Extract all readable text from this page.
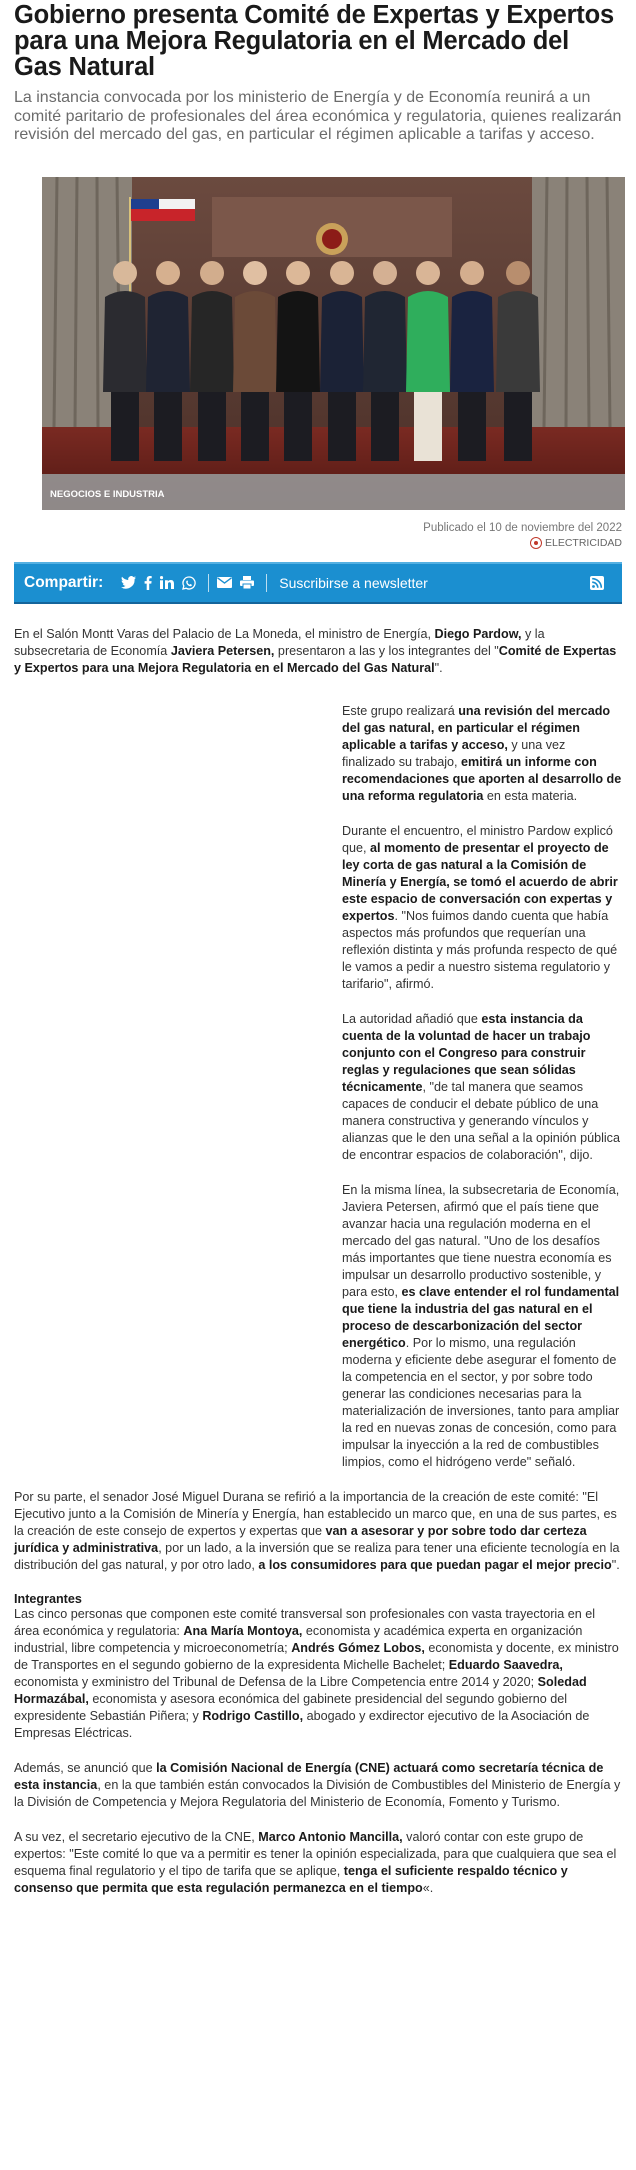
Gobierno presenta Comité de Expertas y Expertos para una Mejora Regulatoria en el Mercado del Gas Natural

La instancia convocada por los ministerio de Energía y de Economía reunirá a un comité paritario de profesionales del área económica y regulatoria, quienes realizarán revisión del mercado del gas, en particular el régimen aplicable a tarifas y acceso.

NEGOCIOS E INDUSTRIA
Publicado el 10 de noviembre del 2022
ELECTRICIDAD
Compartir:	Suscribirse a newsletter

En el Salón Montt Varas del Palacio de La Moneda, el ministro de Energía, Diego Pardow, y la subsecretaria de Economía Javiera Petersen, presentaron a las y los integrantes del "Comité de Expertas y Expertos para una Mejora Regulatoria en el Mercado del Gas Natural".

Este grupo realizará una revisión del mercado del gas natural, en particular el régimen aplicable a tarifas y acceso, y una vez finalizado su trabajo, emitirá un informe con recomendaciones que aporten al desarrollo de una reforma regulatoria en esta materia.

Durante el encuentro, el ministro Pardow explicó que, al momento de presentar el proyecto de ley corta de gas natural a la Comisión de Minería y Energía, se tomó el acuerdo de abrir este espacio de conversación con expertas y expertos. "Nos fuimos dando cuenta que había aspectos más profundos que requerían una reflexión distinta y más profunda respecto de qué le vamos a pedir a nuestro sistema regulatorio y tarifario", afirmó.

La autoridad añadió que esta instancia da cuenta de la voluntad de hacer un trabajo conjunto con el Congreso para construir reglas y regulaciones que sean sólidas técnicamente, "de tal manera que seamos capaces de conducir el debate público de una manera constructiva y generando vínculos y alianzas que le den una señal a la opinión pública de encontrar espacios de colaboración", dijo.

En la misma línea, la subsecretaria de Economía, Javiera Petersen, afirmó que el país tiene que avanzar hacia una regulación moderna en el mercado del gas natural. "Uno de los desafíos más importantes que tiene nuestra economía es impulsar un desarrollo productivo sostenible, y para esto, es clave entender el rol fundamental que tiene la industria del gas natural en el proceso de descarbonización del sector energético. Por lo mismo, una regulación moderna y eficiente debe asegurar el fomento de la competencia en el sector, y por sobre todo generar las condiciones necesarias para la materialización de inversiones, tanto para ampliar la red en nuevas zonas de concesión, como para impulsar la inyección a la red de combustibles limpios, como el hidrógeno verde" señaló.

Por su parte, el senador José Miguel Durana se refirió a la importancia de la creación de este comité: "El Ejecutivo junto a la Comisión de Minería y Energía, han establecido un marco que, en una de sus partes, es la creación de este consejo de expertos y expertas que van a asesorar y por sobre todo dar certeza jurídica y administrativa, por un lado, a la inversión que se realiza para tener una eficiente tecnología en la distribución del gas natural, y por otro lado, a los consumidores para que puedan pagar el mejor precio".

Integrantes

Las cinco personas que componen este comité transversal son profesionales con vasta trayectoria en el área económica y regulatoria: Ana María Montoya, economista y académica experta en organización industrial, libre competencia y microeconometría; Andrés Gómez Lobos, economista y docente, ex ministro de Transportes en el segundo gobierno de la expresidenta Michelle Bachelet; Eduardo Saavedra, economista y exministro del Tribunal de Defensa de la Libre Competencia entre 2014 y 2020; Soledad Hormazábal, economista y asesora económica del gabinete presidencial del segundo gobierno del expresidente Sebastián Piñera; y Rodrigo Castillo, abogado y exdirector ejecutivo de la Asociación de Empresas Eléctricas.

Además, se anunció que la Comisión Nacional de Energía (CNE) actuará como secretaría técnica de esta instancia, en la que también están convocados la División de Combustibles del Ministerio de Energía y la División de Competencia y Mejora Regulatoria del Ministerio de Economía, Fomento y Turismo.

A su vez, el secretario ejecutivo de la CNE, Marco Antonio Mancilla, valoró contar con este grupo de expertos: "Este comité lo que va a permitir es tener la opinión especializada, para que cualquiera que sea el esquema final regulatorio y el tipo de tarifa que se aplique, tenga el suficiente respaldo técnico y consenso que permita que esta regulación permanezca en el tiempo«.
